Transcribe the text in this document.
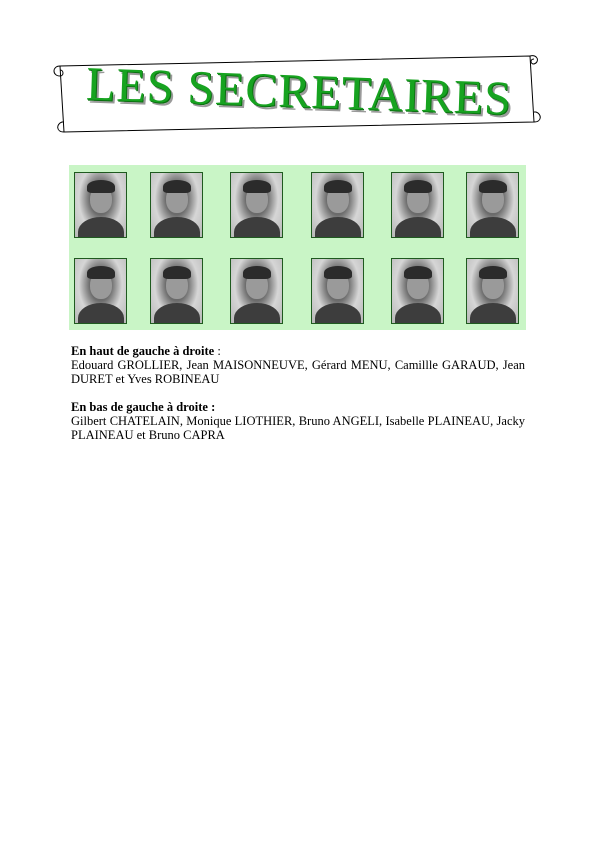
LES SECRETAIRES
En haut de gauche à droite :
Edouard GROLLIER, Jean MAISONNEUVE, Gérard MENU, Camillle GARAUD, Jean DURET et Yves ROBINEAU
En bas de gauche à droite :
Gilbert CHATELAIN, Monique LIOTHIER, Bruno ANGELI, Isabelle PLAINEAU, Jacky PLAINEAU et Bruno CAPRA
